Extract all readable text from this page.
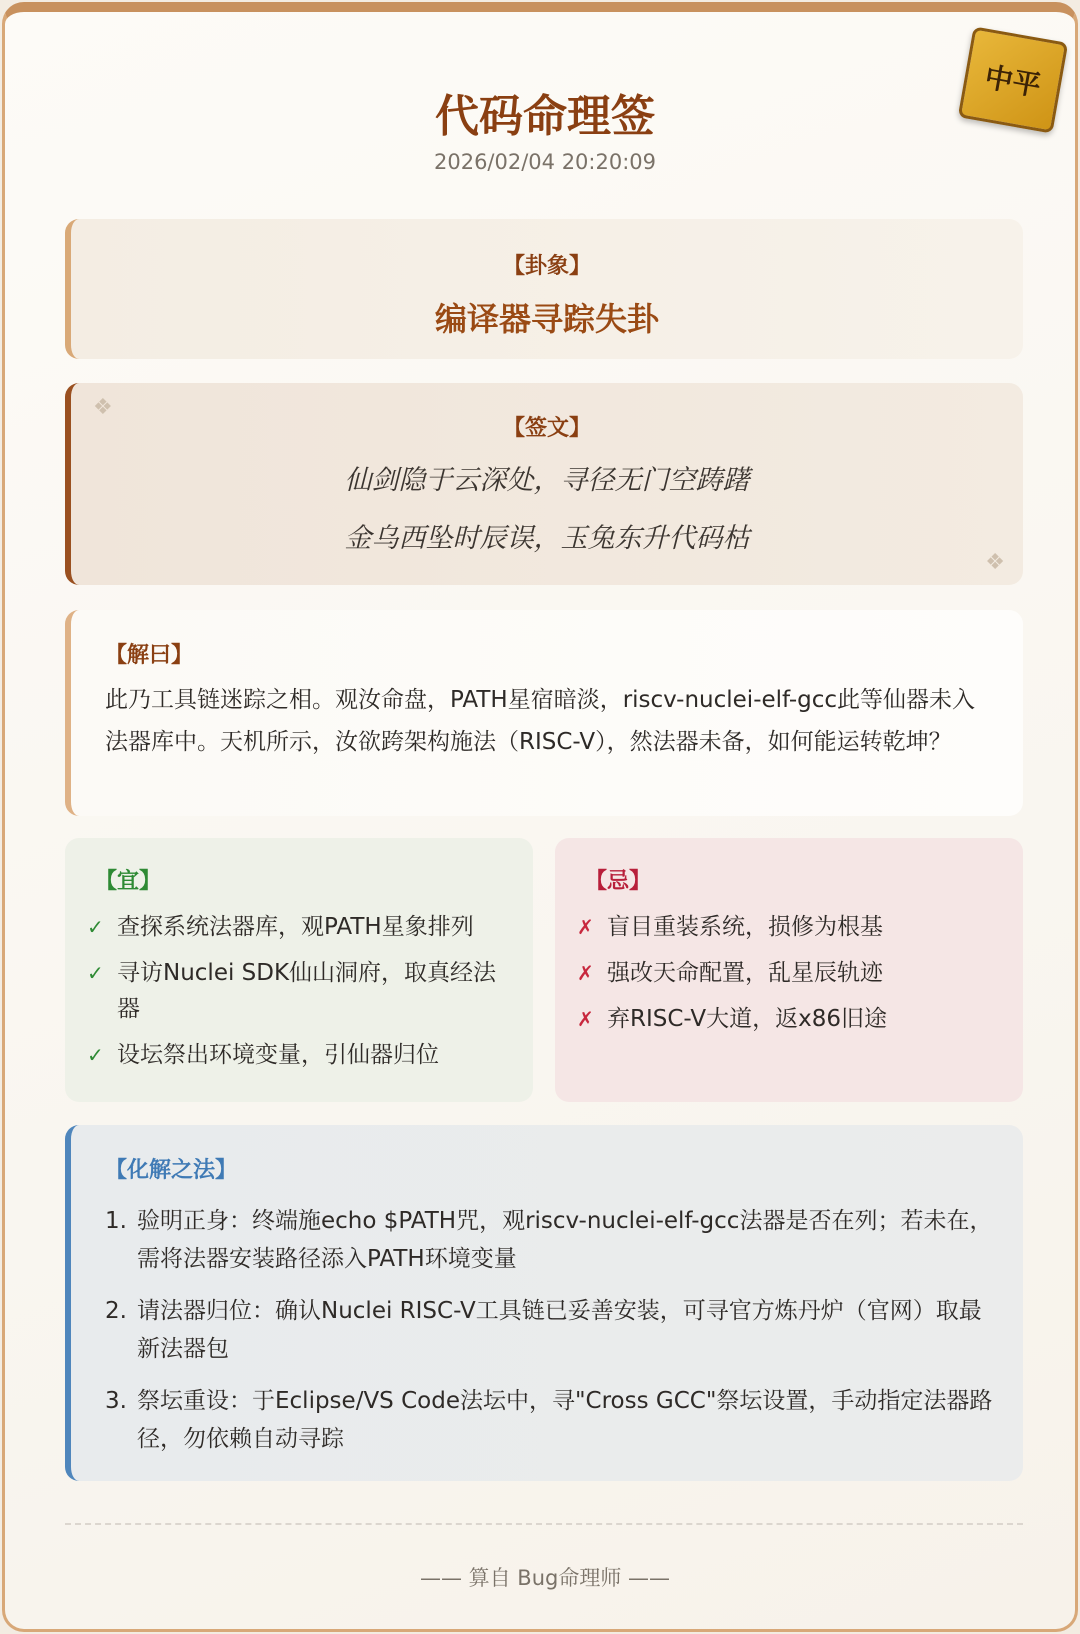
中平
代码命理签
2026/02/04 20:20:09
【卦象】
编译器寻踪失卦
❖
【签文】
仙剑隐于云深处，寻径无门空踌躇
金乌西坠时辰误，玉兔东升代码枯
❖
【解曰】
此乃工具链迷踪之相。观汝命盘，PATH星宿暗淡，riscv-nuclei-elf-gcc此等仙器未入法器库中。天机所示，汝欲跨架构施法（RISC-V），然法器未备，如何能运转乾坤？
【宜】
✓ 查探系统法器库，观PATH星象排列
✓ 寻访Nuclei SDK仙山洞府，取真经法器
✓ 设坛祭出环境变量，引仙器归位
【忌】
✗ 盲目重装系统，损修为根基
✗ 强改天命配置，乱星辰轨迹
✗ 弃RISC-V大道，返x86旧途
【化解之法】
1. 验明正身：终端施echo $PATH咒，观riscv-nuclei-elf-gcc法器是否在列；若未在，需将法器安装路径添入PATH环境变量
2. 请法器归位：确认Nuclei RISC-V工具链已妥善安装，可寻官方炼丹炉（官网）取最新法器包
3. 祭坛重设：于Eclipse/VS Code法坛中，寻"Cross GCC"祭坛设置，手动指定法器路径，勿依赖自动寻踪
—— 算自 Bug命理师 ——
